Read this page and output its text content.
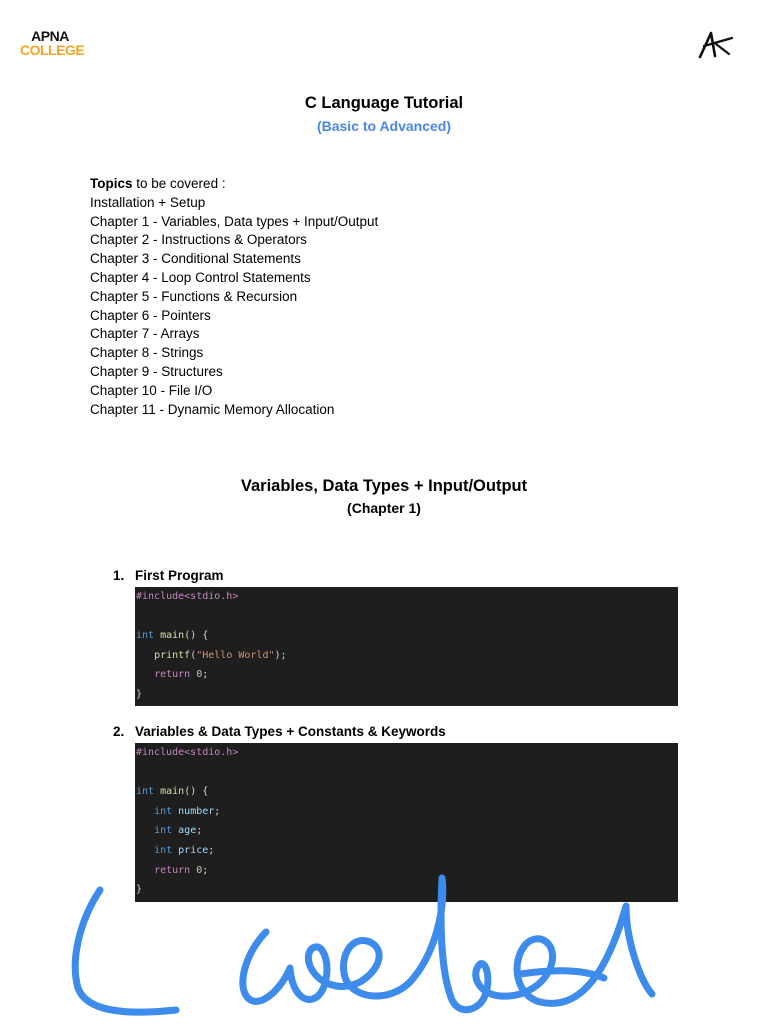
APNA
COLLEGE
C Language Tutorial
(Basic to Advanced)
Topics to be covered :
Installation + Setup
Chapter 1 - Variables, Data types + Input/Output
Chapter 2 - Instructions & Operators
Chapter 3 - Conditional Statements
Chapter 4 - Loop Control Statements
Chapter 5 - Functions & Recursion
Chapter 6 - Pointers
Chapter 7 - Arrays
Chapter 8 - Strings
Chapter 9 - Structures
Chapter 10 - File I/O
Chapter 11 - Dynamic Memory Allocation
Variables, Data Types + Input/Output
(Chapter 1)
1. First Program
#include<stdio.h>
int main() {
printf("Hello World");
return 0;
}
2. Variables & Data Types + Constants & Keywords
#include<stdio.h>
int main() {
int number;
int age;
int price;
return 0;
}
